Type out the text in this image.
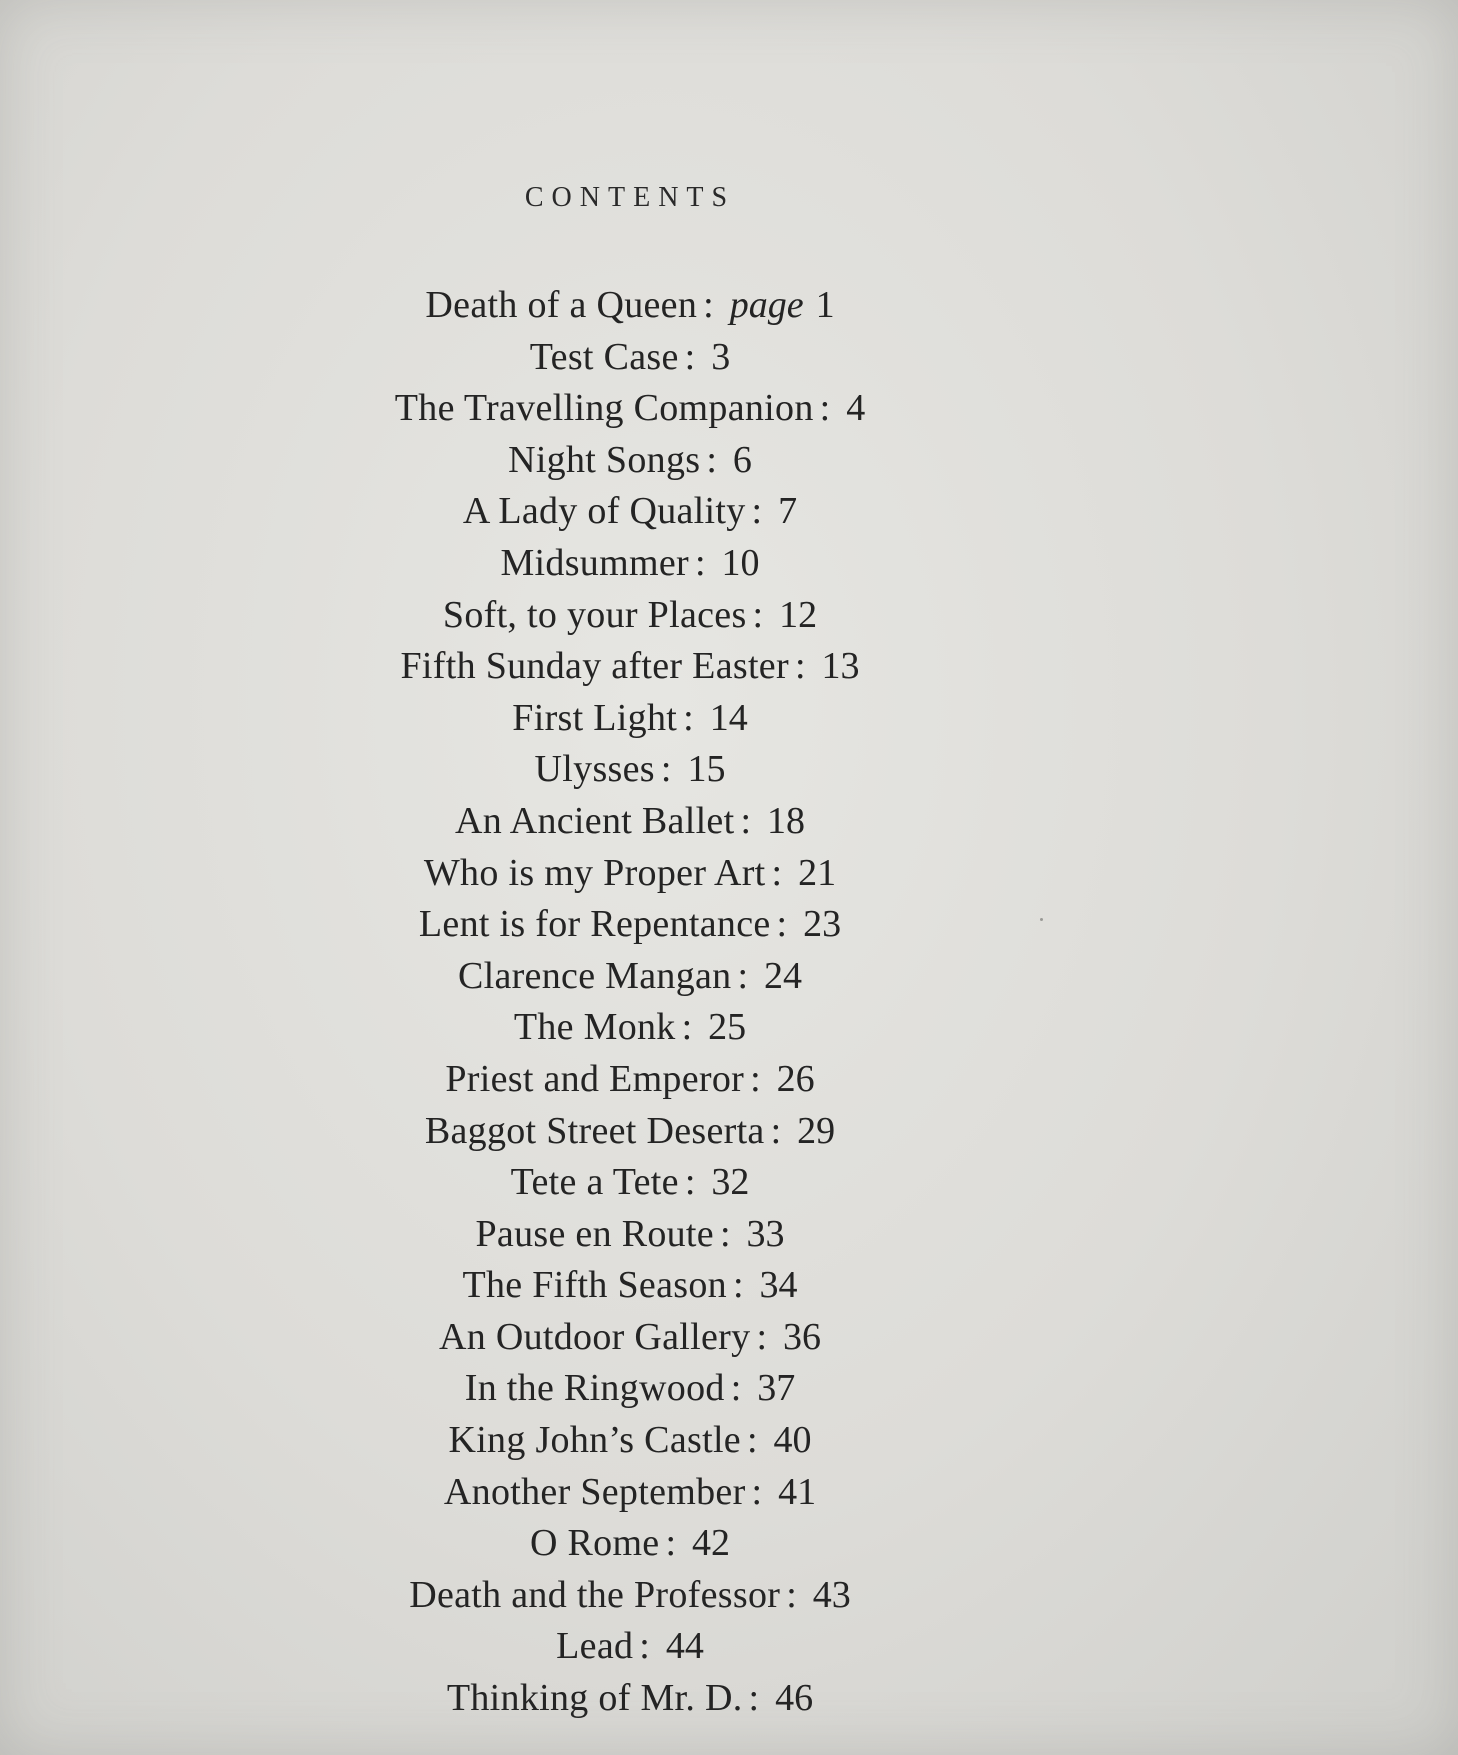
CONTENTS
Death of a Queen : page 1
Test Case : 3
The Travelling Companion : 4
Night Songs : 6
A Lady of Quality : 7
Midsummer : 10
Soft, to your Places : 12
Fifth Sunday after Easter : 13
First Light : 14
Ulysses : 15
An Ancient Ballet : 18
Who is my Proper Art : 21
Lent is for Repentance : 23
Clarence Mangan : 24
The Monk : 25
Priest and Emperor : 26
Baggot Street Deserta : 29
Tete a Tete : 32
Pause en Route : 33
The Fifth Season : 34
An Outdoor Gallery : 36
In the Ringwood : 37
King John’s Castle : 40
Another September : 41
O Rome : 42
Death and the Professor : 43
Lead : 44
Thinking of Mr. D. : 46
